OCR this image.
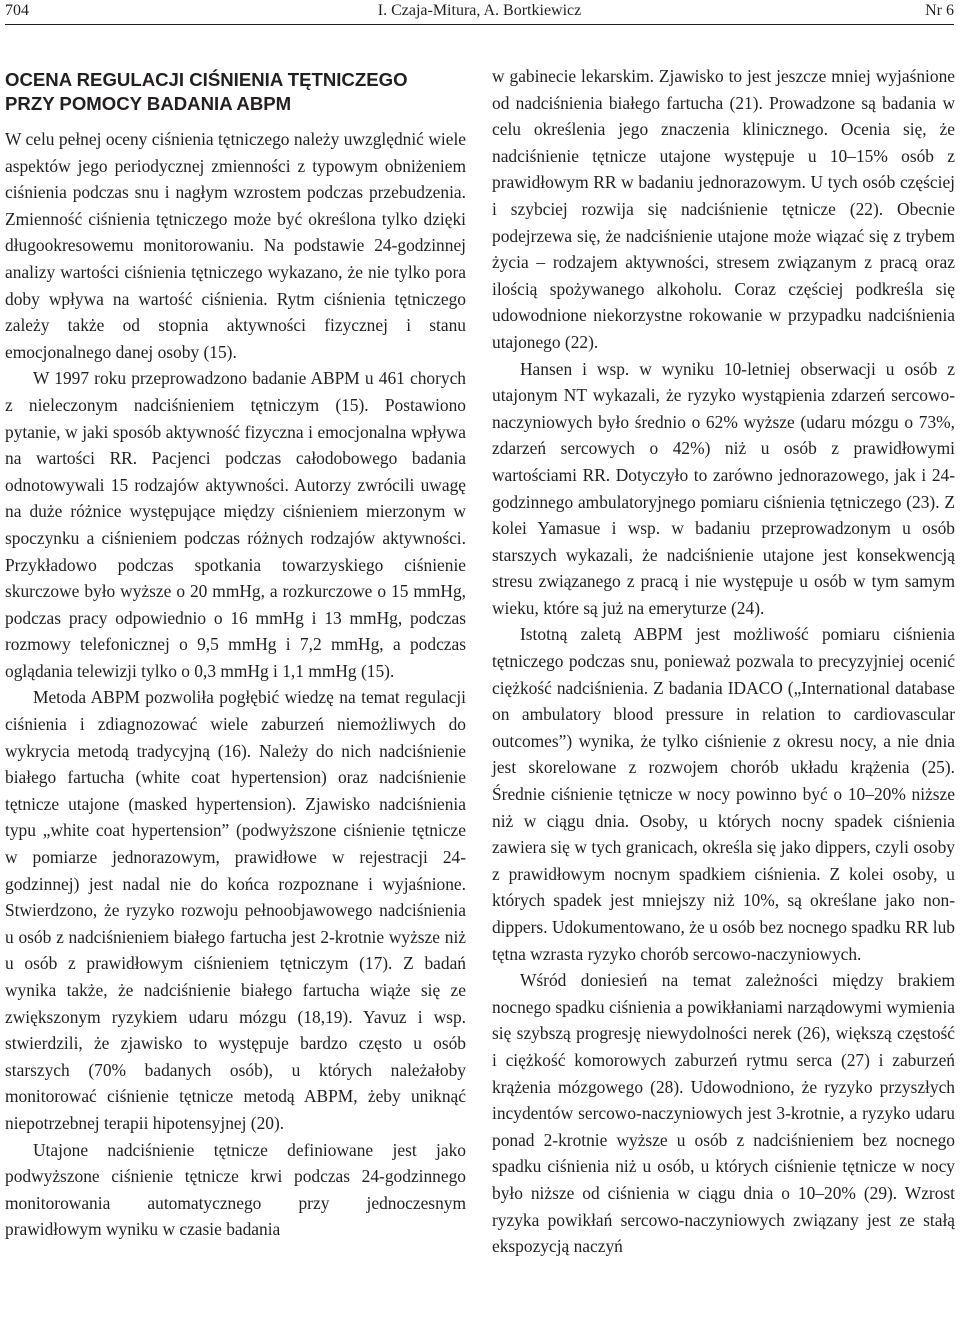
704	I. Czaja-Mitura, A. Bortkiewicz	Nr 6
OCENA REGULACJI CIŚNIENIA TĘTNICZEGO
PRZY POMOCY BADANIA ABPM

W celu pełnej oceny ciśnienia tętniczego należy uwzględnić wiele aspektów jego periodycznej zmienności z typowym obniżeniem ciśnienia podczas snu i nagłym wzrostem podczas przebudzenia. Zmienność ciśnienia tętniczego może być określona tylko dzięki długookresowemu monitorowaniu. Na podstawie 24-godzinnej analizy wartości ciśnienia tętniczego wykazano, że nie tylko pora doby wpływa na wartość ciśnienia. Rytm ciśnienia tętniczego zależy także od stopnia aktywności fizycznej i stanu emocjonalnego danej osoby (15).

W 1997 roku przeprowadzono badanie ABPM u 461 chorych z nieleczonym nadciśnieniem tętniczym (15). Postawiono pytanie, w jaki sposób aktywność fizyczna i emocjonalna wpływa na wartości RR. Pacjenci podczas całodobowego badania odnotowywali 15 rodzajów aktywności. Autorzy zwrócili uwagę na duże różnice występujące między ciśnieniem mierzonym w spoczynku a ciśnieniem podczas różnych rodzajów aktywności. Przykładowo podczas spotkania towarzyskiego ciśnienie skurczowe było wyższe o 20 mmHg, a rozkurczowe o 15 mmHg, podczas pracy odpowiednio o 16 mmHg i 13 mmHg, podczas rozmowy telefonicznej o 9,5 mmHg i 7,2 mmHg, a podczas oglądania telewizji tylko o 0,3 mmHg i 1,1 mmHg (15).

Metoda ABPM pozwoliła pogłębić wiedzę na temat regulacji ciśnienia i zdiagnozować wiele zaburzeń niemożliwych do wykrycia metodą tradycyjną (16). Należy do nich nadciśnienie białego fartucha (white coat hypertension) oraz nadciśnienie tętnicze utajone (masked hypertension). Zjawisko nadciśnienia typu „white coat hypertension” (podwyższone ciśnienie tętnicze w pomiarze jednorazowym, prawidłowe w rejestracji 24-godzinnej) jest nadal nie do końca rozpoznane i wyjaśnione. Stwierdzono, że ryzyko rozwoju pełnoobjawowego nadciśnienia u osób z nadciśnieniem białego fartucha jest 2-krotnie wyższe niż u osób z prawidłowym ciśnieniem tętniczym (17). Z badań wynika także, że nadciśnienie białego fartucha wiąże się ze zwiększonym ryzykiem udaru mózgu (18,19). Yavuz i wsp. stwierdzili, że zjawisko to występuje bardzo często u osób starszych (70% badanych osób), u których należałoby monitorować ciśnienie tętnicze metodą ABPM, żeby uniknąć niepotrzebnej terapii hipotensyjnej (20).

Utajone nadciśnienie tętnicze definiowane jest jako podwyższone ciśnienie tętnicze krwi podczas 24-godzinnego monitorowania automatycznego przy jednoczesnym prawidłowym wyniku w czasie badania

w gabinecie lekarskim. Zjawisko to jest jeszcze mniej wyjaśnione od nadciśnienia białego fartucha (21). Prowadzone są badania w celu określenia jego znaczenia klinicznego. Ocenia się, że nadciśnienie tętnicze utajone występuje u 10–15% osób z prawidłowym RR w badaniu jednorazowym. U tych osób częściej i szybciej rozwija się nadciśnienie tętnicze (22). Obecnie podejrzewa się, że nadciśnienie utajone może wiązać się z trybem życia – rodzajem aktywności, stresem związanym z pracą oraz ilością spożywanego alkoholu. Coraz częściej podkreśla się udowodnione niekorzystne rokowanie w przypadku nadciśnienia utajonego (22).

Hansen i wsp. w wyniku 10-letniej obserwacji u osób z utajonym NT wykazali, że ryzyko wystąpienia zdarzeń sercowo-naczyniowych było średnio o 62% wyższe (udaru mózgu o 73%, zdarzeń sercowych o 42%) niż u osób z prawidłowymi wartościami RR. Dotyczyło to zarówno jednorazowego, jak i 24-godzinnego ambulatoryjnego pomiaru ciśnienia tętniczego (23). Z kolei Yamasue i wsp. w badaniu przeprowadzonym u osób starszych wykazali, że nadciśnienie utajone jest konsekwencją stresu związanego z pracą i nie występuje u osób w tym samym wieku, które są już na emeryturze (24).

Istotną zaletą ABPM jest możliwość pomiaru ciśnienia tętniczego podczas snu, ponieważ pozwala to precyzyjniej ocenić ciężkość nadciśnienia. Z badania IDACO („International database on ambulatory blood pressure in relation to cardiovascular outcomes”) wynika, że tylko ciśnienie z okresu nocy, a nie dnia jest skorelowane z rozwojem chorób układu krążenia (25). Średnie ciśnienie tętnicze w nocy powinno być o 10–20% niższe niż w ciągu dnia. Osoby, u których nocny spadek ciśnienia zawiera się w tych granicach, określa się jako dippers, czyli osoby z prawidłowym nocnym spadkiem ciśnienia. Z kolei osoby, u których spadek jest mniejszy niż 10%, są określane jako non-dippers. Udokumentowano, że u osób bez nocnego spadku RR lub tętna wzrasta ryzyko chorób sercowo-naczyniowych.

Wśród doniesień na temat zależności między brakiem nocnego spadku ciśnienia a powikłaniami narządowymi wymienia się szybszą progresję niewydolności nerek (26), większą częstość i ciężkość komorowych zaburzeń rytmu serca (27) i zaburzeń krążenia mózgowego (28). Udowodniono, że ryzyko przyszłych incydentów sercowo-naczyniowych jest 3-krotnie, a ryzyko udaru ponad 2-krotnie wyższe u osób z nadciśnieniem bez nocnego spadku ciśnienia niż u osób, u których ciśnienie tętnicze w nocy było niższe od ciśnienia w ciągu dnia o 10–20% (29). Wzrost ryzyka powikłań sercowo-naczyniowych związany jest ze stałą ekspozycją naczyń
